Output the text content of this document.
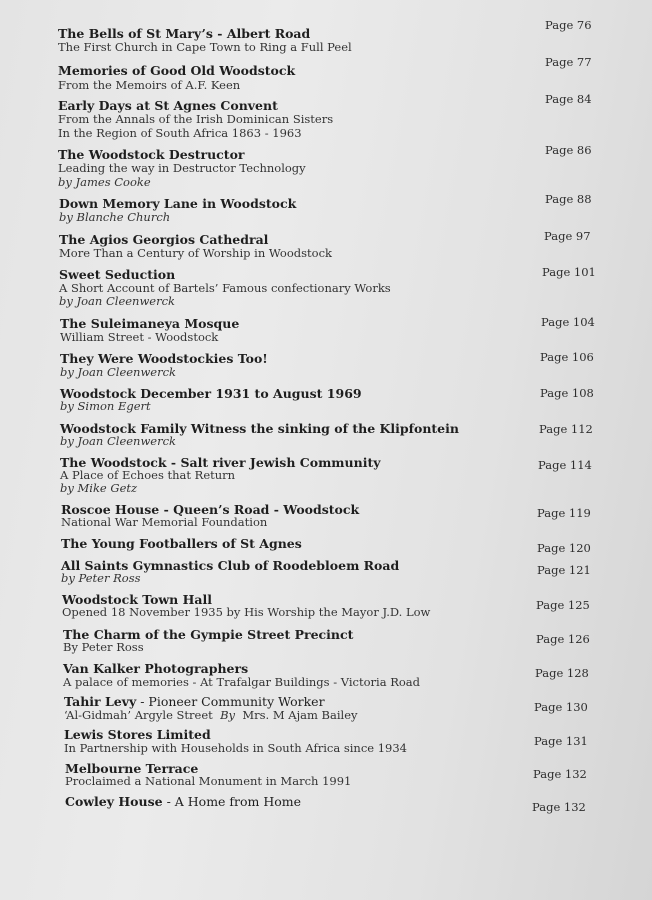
The Bells of St Mary’s - Albert Road
The First Church in Cape Town to Ring a Full Peel
Page 76
Memories of Good Old Woodstock
From the Memoirs of A.F. Keen
Page 77
Early Days at St Agnes Convent
From the Annals of the Irish Dominican Sisters
In the Region of South Africa 1863 - 1963
Page 84
The Woodstock Destructor
Leading the way in Destructor Technology
by James Cooke
Page 86
Down Memory Lane in Woodstock
by Blanche Church
Page 88
The Agios Georgios Cathedral
More Than a Century of Worship in Woodstock
Page 97
Sweet Seduction
A Short Account of Bartels’ Famous confectionary Works
by Joan Cleenwerck
Page 101
The Suleimaneya Mosque
William Street - Woodstock
Page 104
They Were Woodstockies Too!
by Joan Cleenwerck
Page 106
Woodstock December 1931 to August 1969
by Simon Egert
Page 108
Woodstock Family Witness the sinking of the Klipfontein
by Joan Cleenwerck
Page 112
The Woodstock - Salt river Jewish Community
A Place of Echoes that Return
by Mike Getz
Page 114
Roscoe House - Queen’s Road - Woodstock
National War Memorial Foundation
Page 119
The Young Footballers of St Agnes	Page 120
All Saints Gymnastics Club of Roodebloem Road
by Peter Ross
Page 121
Woodstock Town Hall
Opened 18 November 1935 by His Worship the Mayor J.D. Low	Page 125
The Charm of the Gympie Street Precinct
By Peter Ross
Page 126
Van Kalker Photographers
A palace of memories - At Trafalgar Buildings - Victoria Road
Page 128
Tahir Levy - Pioneer Community Worker
‘Al-Gidmah’ Argyle Street By Mrs. M Ajam Bailey
Page 130
Lewis Stores Limited
In Partnership with Households in South Africa since 1934	Page 131
Melbourne Terrace
Proclaimed a National Monument in March 1991	Page 132
Cowley House - A Home from Home	Page 132
